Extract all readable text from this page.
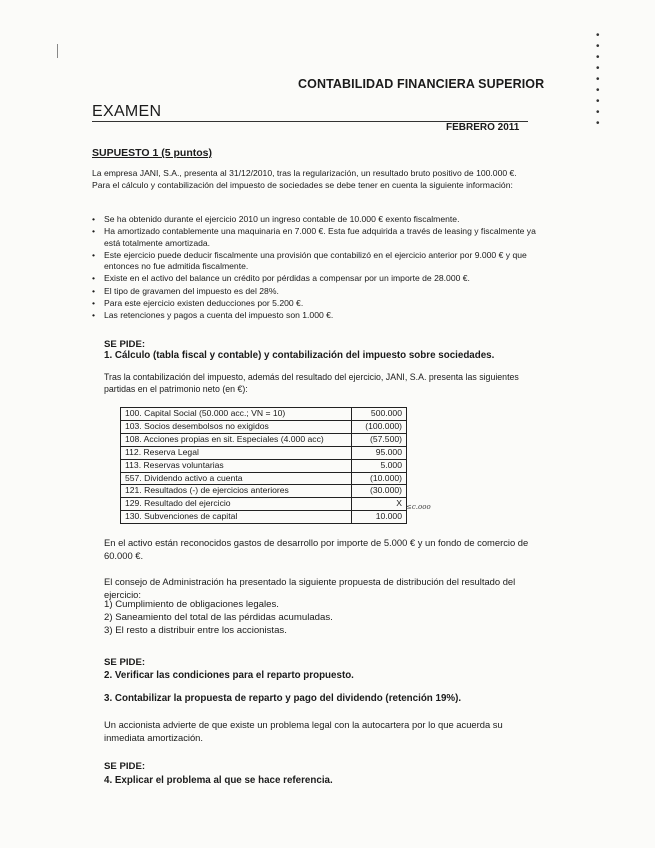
•
•
•
•
•
•
•
•
•
CONTABILIDAD FINANCIERA SUPERIOR
EXAMEN
FEBRERO 2011
SUPUESTO 1 (5 puntos)
La empresa JANI, S.A., presenta al 31/12/2010, tras la regularización, un resultado bruto positivo de 100.000 €. Para el cálculo y contabilización del impuesto de sociedades se debe tener en cuenta la siguiente información:
• Se ha obtenido durante el ejercicio 2010 un ingreso contable de 10.000 € exento fiscalmente.
• Ha amortizado contablemente una maquinaria en 7.000 €. Esta fue adquirida a través de leasing y fiscalmente ya está totalmente amortizada.
• Este ejercicio puede deducir fiscalmente una provisión que contabilizó en el ejercicio anterior por 9.000 € y que entonces no fue admitida fiscalmente.
• Existe en el activo del balance un crédito por pérdidas a compensar por un importe de 28.000 €.
• El tipo de gravamen del impuesto es del 28%.
• Para este ejercicio existen deducciones por 5.200 €.
• Las retenciones y pagos a cuenta del impuesto son 1.000 €.
SE PIDE:
1. Cálculo (tabla fiscal y contable) y contabilización del impuesto sobre sociedades.
Tras la contabilización del impuesto, además del resultado del ejercicio, JANI, S.A. presenta las siguientes partidas en el patrimonio neto (en €):
100. Capital Social (50.000 acc.; VN = 10)	500.000
103. Socios desembolsos no exigidos	(100.000)
108. Acciones propias en sit. Especiales (4.000 acc)	(57.500)
112. Reserva Legal	95.000
113. Reservas voluntarias	5.000
557. Dividendo activo a cuenta	(10.000)
121. Resultados (-) de ejercicios anteriores	(30.000)
129. Resultado del ejercicio	X
130. Subvenciones de capital	10.000
≤c.ooo
En el activo están reconocidos gastos de desarrollo por importe de 5.000 € y un fondo de comercio de 60.000 €.
El consejo de Administración ha presentado la siguiente propuesta de distribución del resultado del ejercicio:
1) Cumplimiento de obligaciones legales.
2) Saneamiento del total de las pérdidas acumuladas.
3) El resto a distribuir entre los accionistas.
SE PIDE:
2. Verificar las condiciones para el reparto propuesto.
3. Contabilizar la propuesta de reparto y pago del dividendo (retención 19%).
Un accionista advierte de que existe un problema legal con la autocartera por lo que acuerda su inmediata amortización.
SE PIDE:
4. Explicar el problema al que se hace referencia.
